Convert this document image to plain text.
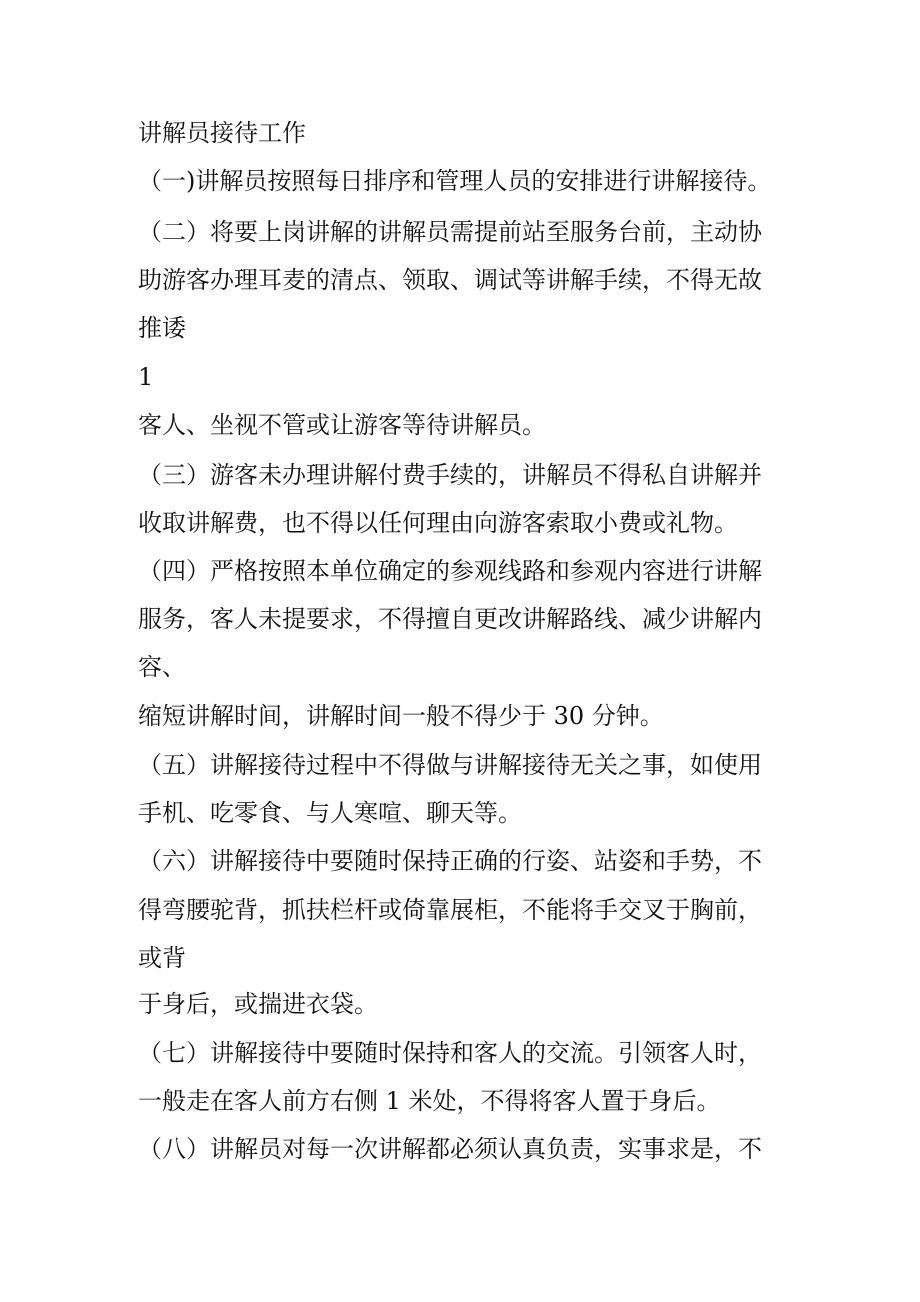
讲解员接待工作
（一)讲解员按照每日排序和管理人员的安排进行讲解接待。
（二）将要上岗讲解的讲解员需提前站至服务台前，主动协
助游客办理耳麦的清点、领取、调试等讲解手续，不得无故
推诿
1
客人、坐视不管或让游客等待讲解员。
（三）游客未办理讲解付费手续的，讲解员不得私自讲解并
收取讲解费，也不得以任何理由向游客索取小费或礼物。
（四）严格按照本单位确定的参观线路和参观内容进行讲解
服务，客人未提要求，不得擅自更改讲解路线、减少讲解内
容、
缩短讲解时间，讲解时间一般不得少于 30 分钟。
（五）讲解接待过程中不得做与讲解接待无关之事，如使用
手机、吃零食、与人寒喧、聊天等。
（六）讲解接待中要随时保持正确的行姿、站姿和手势，不
得弯腰驼背，抓扶栏杆或倚靠展柜，不能将手交叉于胸前，
或背
于身后，或揣进衣袋。
（七）讲解接待中要随时保持和客人的交流。引领客人时，
一般走在客人前方右侧 1 米处，不得将客人置于身后。
（八）讲解员对每一次讲解都必须认真负责，实事求是，不
